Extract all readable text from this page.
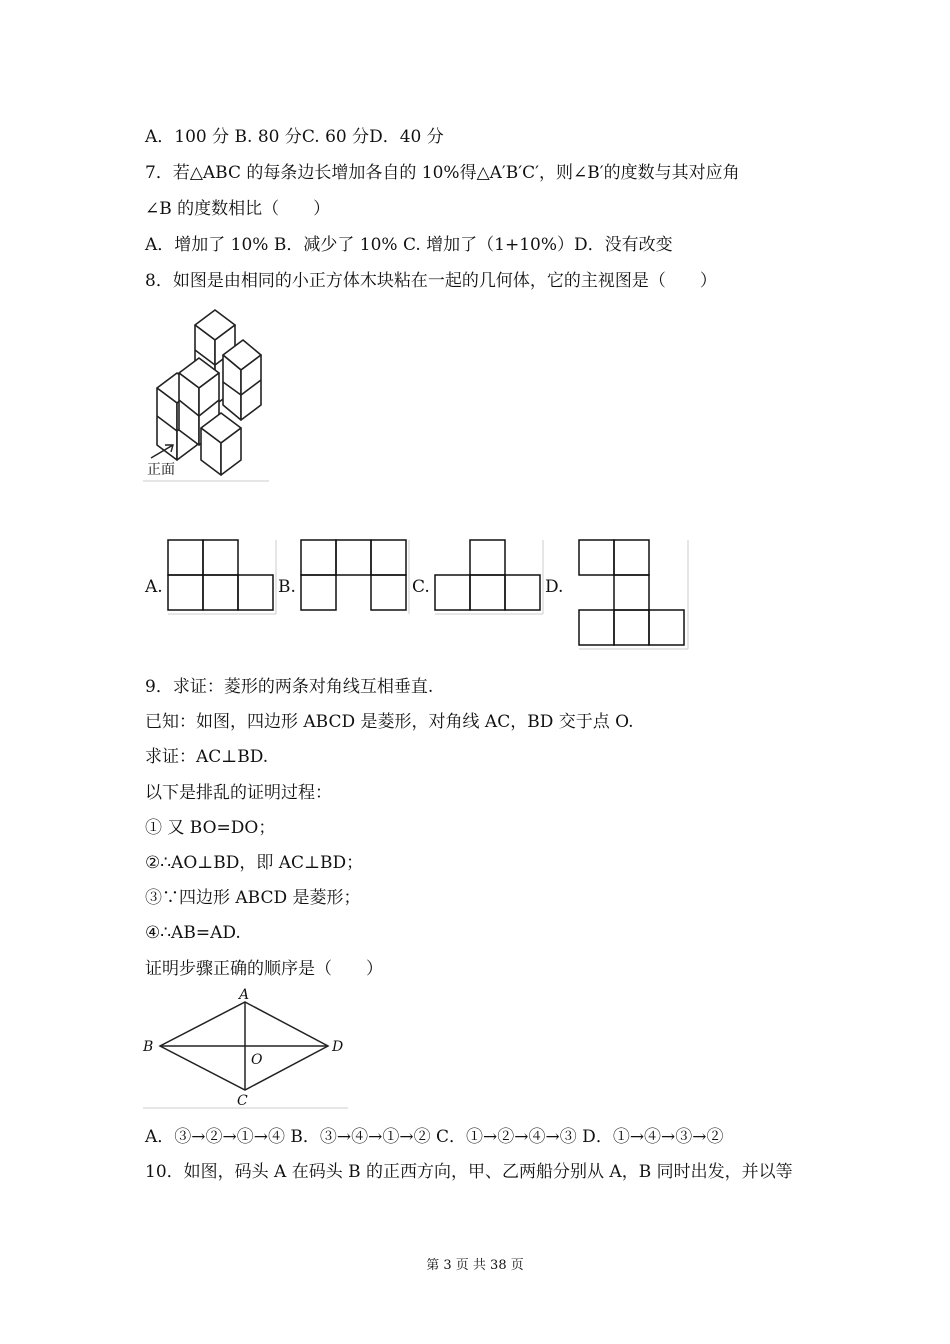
A．100 分 B. 80 分C. 60 分D．40 分
7．若△ABC 的每条边长增加各自的 10%得△A′B′C′，则∠B′的度数与其对应角
∠B 的度数相比（　　）
A．增加了 10% B．减少了 10% C. 增加了（1+10%）D．没有改变
8．如图是由相同的小正方体木块粘在一起的几何体，它的主视图是（　　）
正面
A.	B.	C.	D.
9．求证：菱形的两条对角线互相垂直.
已知：如图，四边形 ABCD 是菱形，对角线 AC，BD 交于点 O.
求证：AC⊥BD.
以下是排乱的证明过程：
① 又 BO=DO；
②∴AO⊥BD，即 AC⊥BD；
③∵四边形 ABCD 是菱形；
④∴AB=AD.
证明步骤正确的顺序是（　　）
A
B	D
C
O
A．③→②→①→④ B．③→④→①→② C．①→②→④→③ D．①→④→③→②
10．如图，码头 A 在码头 B 的正西方向，甲、乙两船分别从 A，B 同时出发，并以等
第 3 页 共 38 页
